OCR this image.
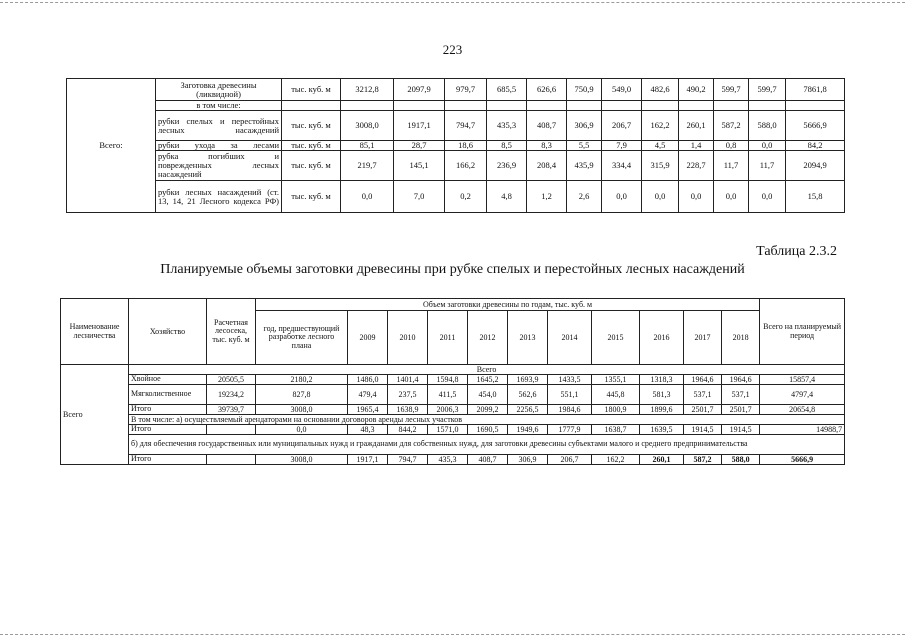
223
Всего:	Заготовка древесины (ликвидной)	тыс. куб. м	3212,8	2097,9	979,7	685,5	626,6	750,9	549,0	482,6	490,2	599,7	599,7	7861,8
	в том числе:													
	рубки спелых и перестойных лесных насаждений	тыс. куб. м	3008,0	1917,1	794,7	435,3	408,7	306,9	206,7	162,2	260,1	587,2	588,0	5666,9
	рубки ухода за лесами	тыс. куб. м	85,1	28,7	18,6	8,5	8,3	5,5	7,9	4,5	1,4	0,8	0,0	84,2
	рубка погибших и поврежденных лесных насаждений	тыс. куб. м	219,7	145,1	166,2	236,9	208,4	435,9	334,4	315,9	228,7	11,7	11,7	2094,9
	рубки лесных насаждений (ст. 13, 14, 21 Лесного кодекса РФ)	тыс. куб. м	0,0	7,0	0,2	4,8	1,2	2,6	0,0	0,0	0,0	0,0	0,0	15,8
Таблица 2.3.2
Планируемые объемы заготовки древесины при рубке спелых и перестойных лесных насаждений
Наименование лесничества	Хозяйство	Расчетная лесосека, тыс. куб. м	Объем заготовки древесины по годам, тыс. куб. м											Всего на планируемый период
			год, предшествующий разработке лесного плана	2009	2010	2011	2012	2013	2014	2015	2016	2017	2018	
Всего	Всего													
	Хвойное	20505,5	2180,2	1486,0	1401,4	1594,8	1645,2	1693,9	1433,5	1355,1	1318,3	1964,6	1964,6	15857,4
	Мягколиственное	19234,2	827,8	479,4	237,5	411,5	454,0	562,6	551,1	445,8	581,3	537,1	537,1	4797,4
	Итого	39739,7	3008,0	1965,4	1638,9	2006,3	2099,2	2256,5	1984,6	1800,9	1899,6	2501,7	2501,7	20654,8
	В том числе: а) осуществляемый арендаторами на основании договоров аренды лесных участков													
	Итого		0,0	48,3	844,2	1571,0	1690,5	1949,6	1777,9	1638,7	1639,5	1914,5	1914,5	14988,7
	б) для обеспечения государственных или муниципальных нужд и гражданами для собственных нужд, для заготовки древесины субъектами малого и среднего предпринимательства													
	Итого		3008,0	1917,1	794,7	435,3	408,7	306,9	206,7	162,2	260,1	587,2	588,0	5666,9
